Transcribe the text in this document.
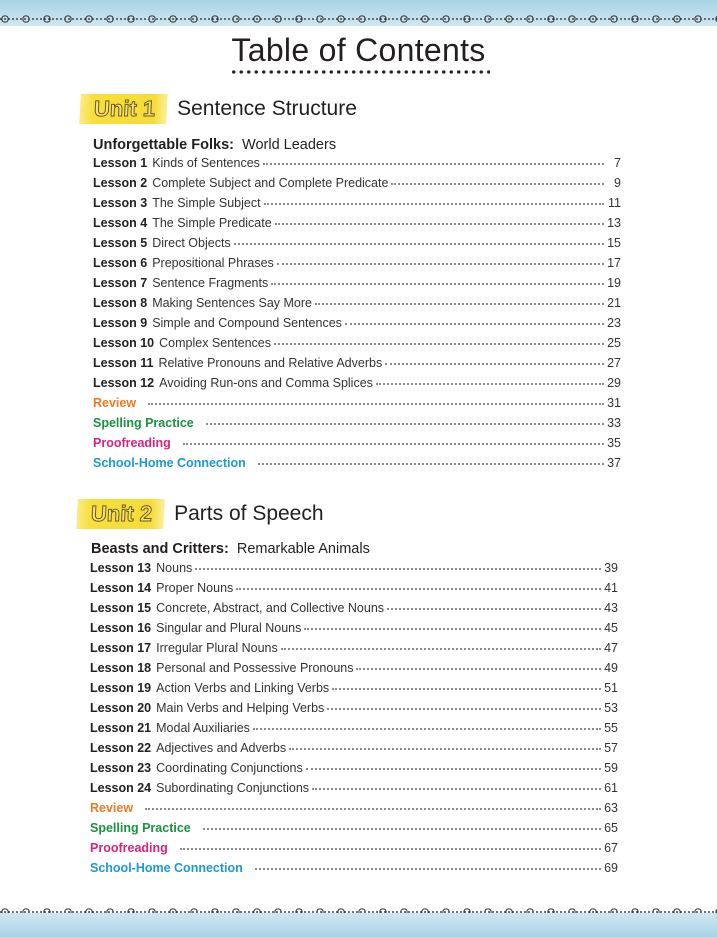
Table of Contents
Unit 1	Sentence Structure
Unforgettable Folks: World Leaders
Lesson 1 Kinds of Sentences	7
Lesson 2 Complete Subject and Complete Predicate	9
Lesson 3 The Simple Subject	11
Lesson 4 The Simple Predicate	13
Lesson 5 Direct Objects	15
Lesson 6 Prepositional Phrases	17
Lesson 7 Sentence Fragments	19
Lesson 8 Making Sentences Say More	21
Lesson 9 Simple and Compound Sentences	23
Lesson 10 Complex Sentences	25
Lesson 11 Relative Pronouns and Relative Adverbs	27
Lesson 12 Avoiding Run-ons and Comma Splices	29
Review	31
Spelling Practice	33
Proofreading	35
School-Home Connection	37
Unit 2	Parts of Speech
Beasts and Critters: Remarkable Animals
Lesson 13 Nouns	39
Lesson 14 Proper Nouns	41
Lesson 15 Concrete, Abstract, and Collective Nouns	43
Lesson 16 Singular and Plural Nouns	45
Lesson 17 Irregular Plural Nouns	47
Lesson 18 Personal and Possessive Pronouns	49
Lesson 19 Action Verbs and Linking Verbs	51
Lesson 20 Main Verbs and Helping Verbs	53
Lesson 21 Modal Auxiliaries	55
Lesson 22 Adjectives and Adverbs	57
Lesson 23 Coordinating Conjunctions	59
Lesson 24 Subordinating Conjunctions	61
Review	63
Spelling Practice	65
Proofreading	67
School-Home Connection	69
